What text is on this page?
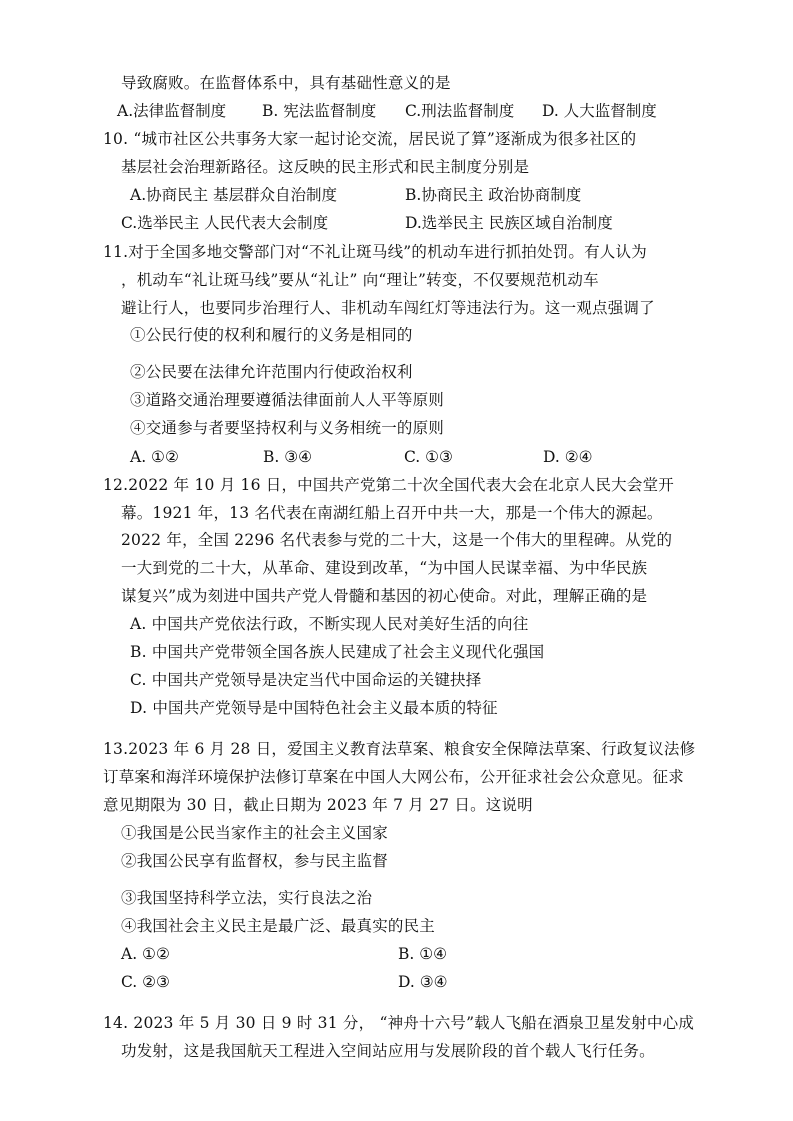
导致腐败。在监督体系中，具有基础性意义的是
A.法律监督制度 B. 宪法监督制度 C.刑法监督制度 D. 人大监督制度
10. “城市社区公共事务大家一起讨论交流，居民说了算”逐渐成为很多社区的
基层社会治理新路径。这反映的民主形式和民主制度分别是
A.协商民主 基层群众自治制度	B.协商民主 政治协商制度
C.选举民主 人民代表大会制度	D.选举民主 民族区域自治制度
11.对于全国多地交警部门对“不礼让斑马线”的机动车进行抓拍处罚。有人认为
，机动车“礼让斑马线”要从“礼让” 向“理让”转变，不仅要规范机动车
避让行人，也要同步治理行人、非机动车闯红灯等违法行为。这一观点强调了
①公民行使的权利和履行的义务是相同的
②公民要在法律允许范围内行使政治权利
③道路交通治理要遵循法律面前人人平等原则
④交通参与者要坚持权利与义务相统一的原则
A. ①②	B. ③④	C. ①③	D. ②④
12.2022 年 10 月 16 日，中国共产党第二十次全国代表大会在北京人民大会堂开
幕。1921 年，13 名代表在南湖红船上召开中共一大，那是一个伟大的源起。
2022 年，全国 2296 名代表参与党的二十大，这是一个伟大的里程碑。从党的
一大到党的二十大，从革命、建设到改革，“为中国人民谋幸福、为中华民族
谋复兴”成为刻进中国共产党人骨髓和基因的初心使命。对此，理解正确的是
A. 中国共产党依法行政，不断实现人民对美好生活的向往
B. 中国共产党带领全国各族人民建成了社会主义现代化强国
C. 中国共产党领导是决定当代中国命运的关键抉择
D. 中国共产党领导是中国特色社会主义最本质的特征
13.2023 年 6 月 28 日，爱国主义教育法草案、粮食安全保障法草案、行政复议法修
订草案和海洋环境保护法修订草案在中国人大网公布，公开征求社会公众意见。征求
意见期限为 30 日，截止日期为 2023 年 7 月 27 日。这说明
①我国是公民当家作主的社会主义国家
②我国公民享有监督权，参与民主监督
③我国坚持科学立法，实行良法之治
④我国社会主义民主是最广泛、最真实的民主
A. ①②	B. ①④
C. ②③	D. ③④
14. 2023 年 5 月 30 日 9 时 31 分， “神舟十六号”载人飞船在酒泉卫星发射中心成
功发射，这是我国航天工程进入空间站应用与发展阶段的首个载人飞行任务。
